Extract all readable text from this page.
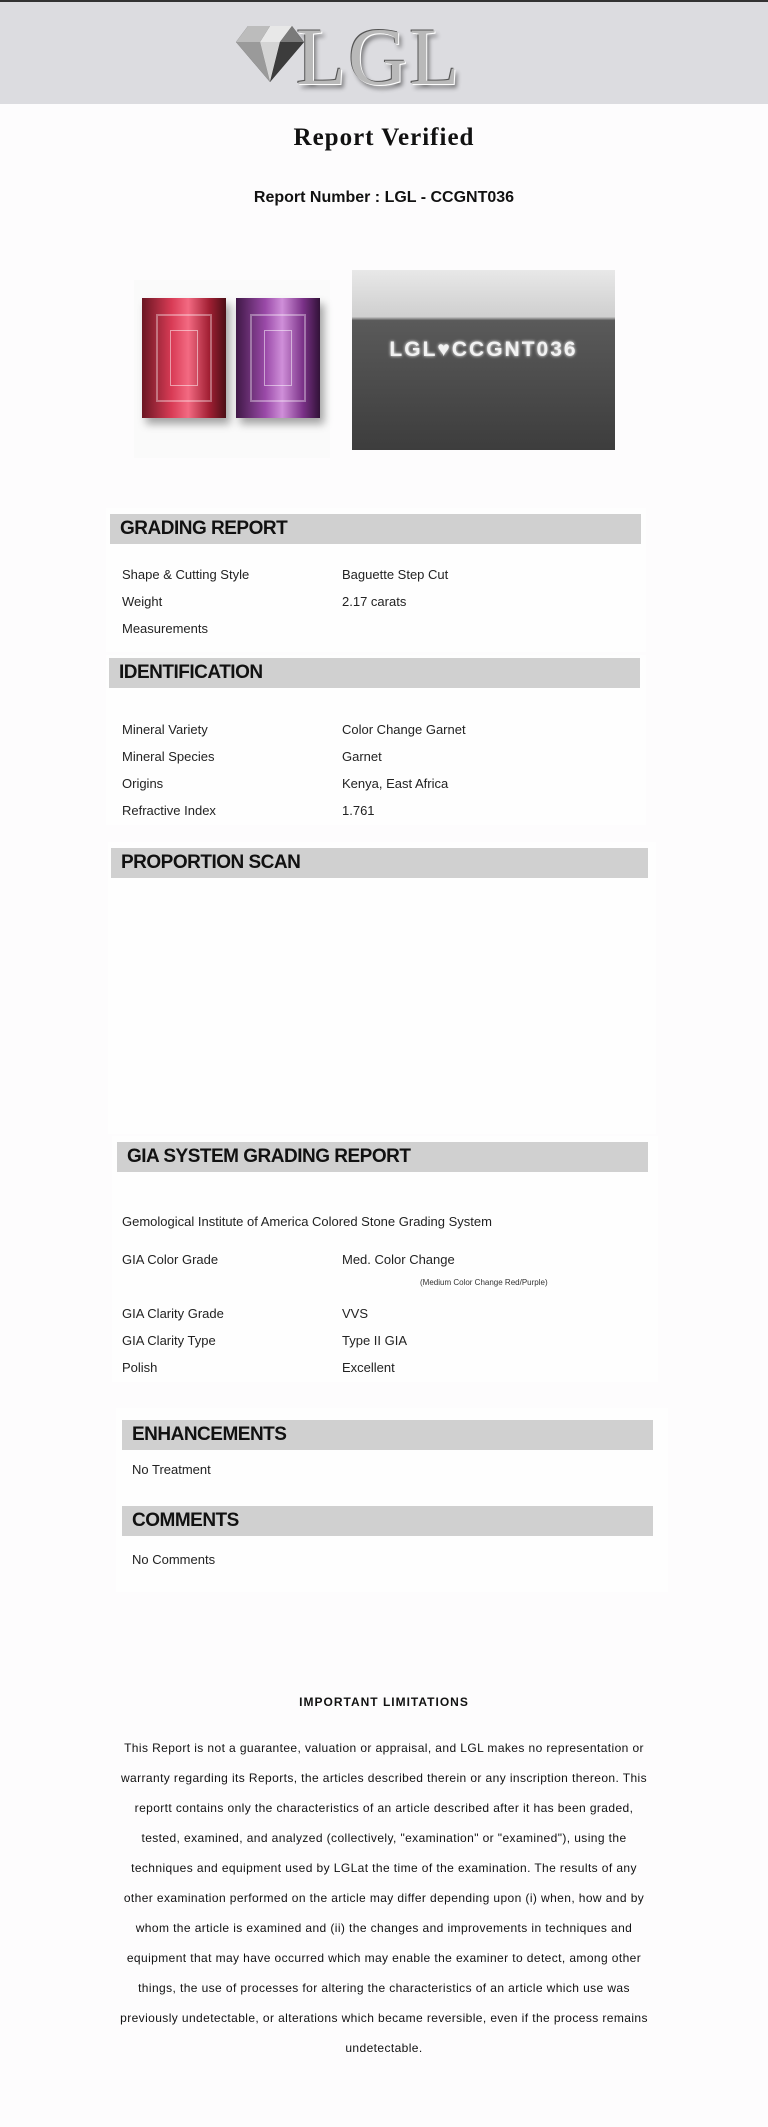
LGL
Report Verified
Report Number : LGL - CCGNT036
LGL♥CCGNT036
GRADING REPORT
Shape & Cutting Style	Baguette Step Cut
Weight	2.17 carats
Measurements
IDENTIFICATION
Mineral Variety	Color Change Garnet
Mineral Species	Garnet
Origins	Kenya, East Africa
Refractive Index	1.761
PROPORTION SCAN
GIA SYSTEM GRADING REPORT
Gemological Institute of America Colored Stone Grading System
GIA Color Grade	Med. Color Change
(Medium Color Change Red/Purple)
GIA Clarity Grade	VVS
GIA Clarity Type	Type II GIA
Polish	Excellent
ENHANCEMENTS
No Treatment
COMMENTS
No Comments
IMPORTANT LIMITATIONS
This Report is not a guarantee, valuation or appraisal, and LGL makes no representation or warranty regarding its Reports, the articles described therein or any inscription thereon. This reportt contains only the characteristics of an article described after it has been graded, tested, examined, and analyzed (collectively, "examination" or "examined"), using the techniques and equipment used by LGLat the time of the examination. The results of any other examination performed on the article may differ depending upon (i) when, how and by whom the article is examined and (ii) the changes and improvements in techniques and equipment that may have occurred which may enable the examiner to detect, among other things, the use of processes for altering the characteristics of an article which use was previously undetectable, or alterations which became reversible, even if the process remains undetectable.
